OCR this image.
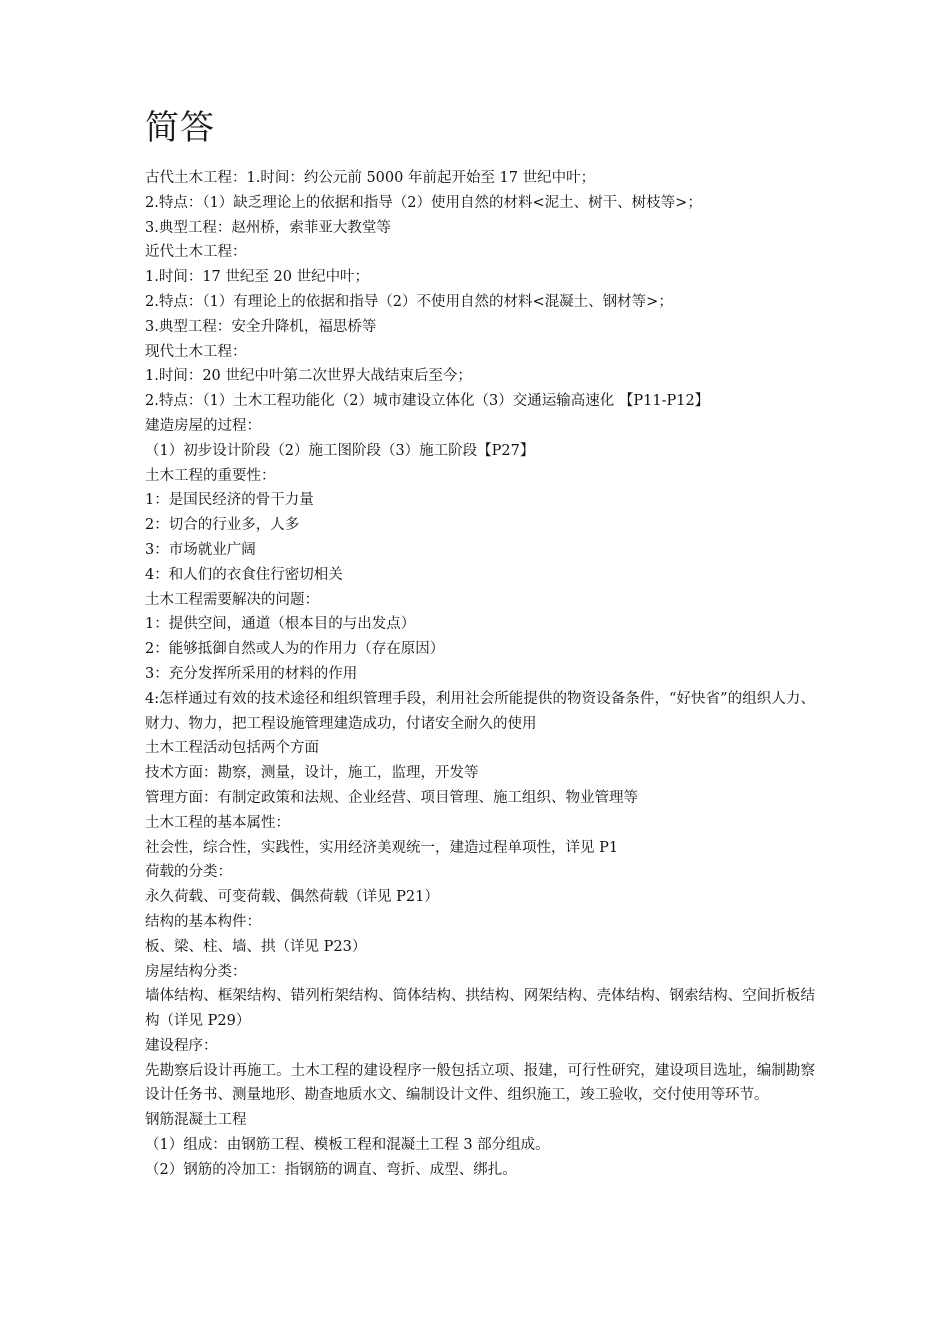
简答

古代土木工程：1.时间：约公元前 5000 年前起开始至 17 世纪中叶；

2.特点：（1）缺乏理论上的依据和指导（2）使用自然的材料<泥土、树干、树枝等>；

3.典型工程：赵州桥，索菲亚大教堂等

近代土木工程：

1.时间：17 世纪至 20 世纪中叶；

2.特点：（1）有理论上的依据和指导（2）不使用自然的材料<混凝土、钢材等>；

3.典型工程：安全升降机，福思桥等

现代土木工程：

1.时间：20 世纪中叶第二次世界大战结束后至今；

2.特点：（1）土木工程功能化（2）城市建设立体化（3）交通运输高速化 【P11-P12】

建造房屋的过程：

（1）初步设计阶段（2）施工图阶段（3）施工阶段【P27】

土木工程的重要性：

1：是国民经济的骨干力量

2：切合的行业多，人多

3：市场就业广阔

4：和人们的衣食住行密切相关

土木工程需要解决的问题：

1：提供空间，通道（根本目的与出发点）

2：能够抵御自然或人为的作用力（存在原因）

3：充分发挥所采用的材料的作用

4:怎样通过有效的技术途径和组织管理手段，利用社会所能提供的物资设备条件，“好快省”的组织人力、财力、物力，把工程设施管理建造成功，付诸安全耐久的使用

土木工程活动包括两个方面

技术方面：勘察，测量，设计，施工，监理，开发等

管理方面：有制定政策和法规、企业经营、项目管理、施工组织、物业管理等

土木工程的基本属性：

社会性，综合性，实践性，实用经济美观统一，建造过程单项性，详见 P1

荷载的分类：

永久荷载、可变荷载、偶然荷载（详见 P21）

结构的基本构件：

板、梁、柱、墙、拱（详见 P23）

房屋结构分类：

墙体结构、框架结构、错列桁架结构、筒体结构、拱结构、网架结构、壳体结构、钢索结构、空间折板结构（详见 P29）

建设程序：

先勘察后设计再施工。土木工程的建设程序一般包括立项、报建，可行性研究，建设项目选址，编制勘察设计任务书、测量地形、勘查地质水文、编制设计文件、组织施工，竣工验收，交付使用等环节。

钢筋混凝土工程

（1）组成：由钢筋工程、模板工程和混凝土工程 3 部分组成。

（2）钢筋的冷加工：指钢筋的调直、弯折、成型、绑扎。
